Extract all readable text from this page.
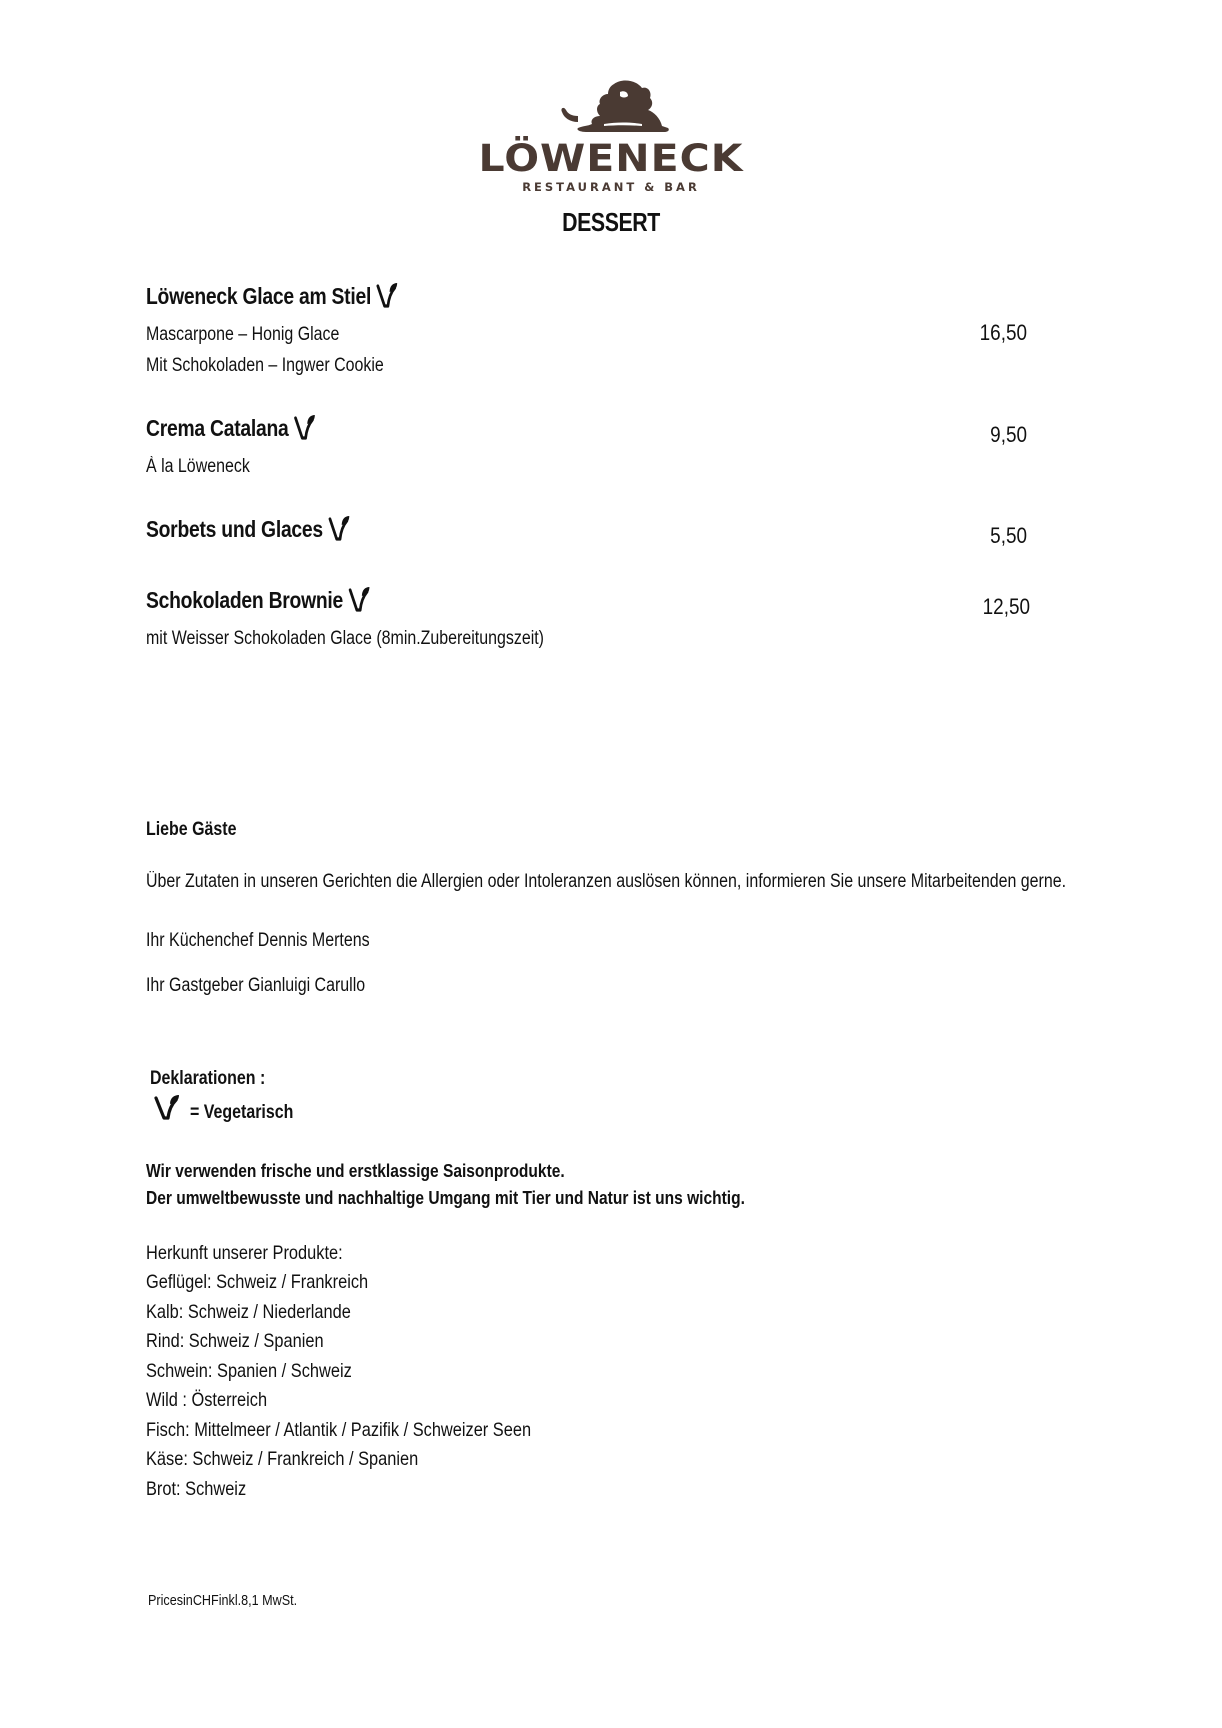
LÖWENECK
RESTAURANT & BAR
DESSERT
Löweneck Glace am Stiel
Mascarpone – Honig Glace
Mit Schokoladen – Ingwer Cookie
16,50
Crema Catalana
À la Löweneck
9,50
Sorbets und Glaces	5,50
Schokoladen Brownie
mit Weisser Schokoladen Glace (8min.Zubereitungszeit)
12,50
Liebe Gäste
Über Zutaten in unseren Gerichten die Allergien oder Intoleranzen auslösen können, informieren Sie unsere Mitarbeitenden gerne.
Ihr Küchenchef Dennis Mertens
Ihr Gastgeber Gianluigi Carullo
Deklarationen :
= Vegetarisch
Wir verwenden frische und erstklassige Saisonprodukte.
Der umweltbewusste und nachhaltige Umgang mit Tier und Natur ist uns wichtig.
Herkunft unserer Produkte:
Geflügel: Schweiz / Frankreich
Kalb: Schweiz / Niederlande
Rind: Schweiz / Spanien
Schwein: Spanien / Schweiz
Wild : Österreich
Fisch: Mittelmeer / Atlantik / Pazifik / Schweizer Seen
Käse: Schweiz / Frankreich / Spanien
Brot: Schweiz
PricesinCHFinkl.8,1 MwSt.
